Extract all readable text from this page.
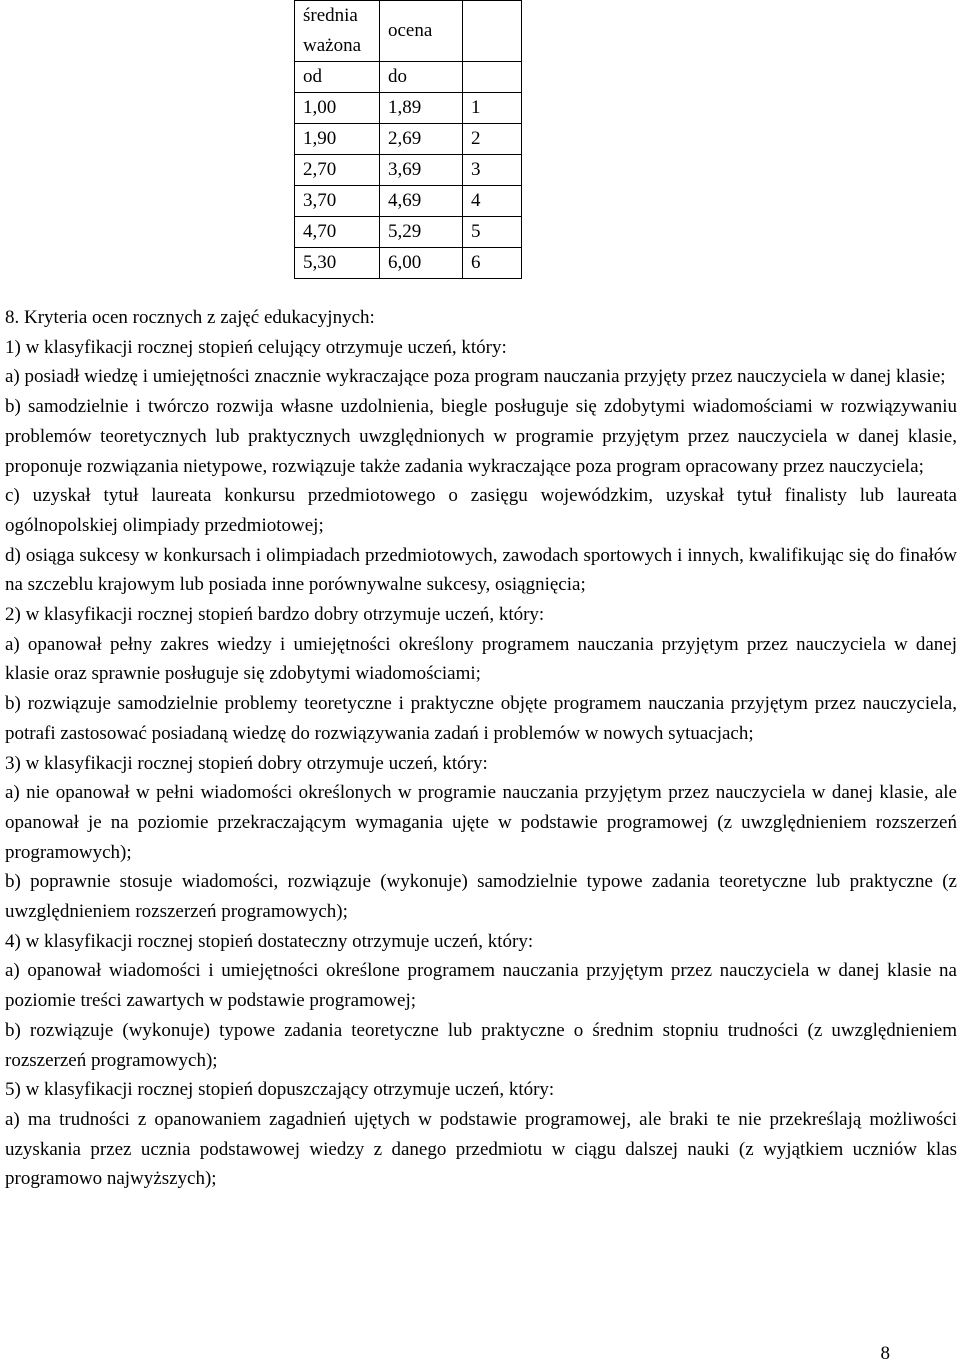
średnia
ważona	ocena	
od	do	
1,00	1,89	1
1,90	2,69	2
2,70	3,69	3
3,70	4,69	4
4,70	5,29	5
5,30	6,00	6

8. Kryteria ocen rocznych z zajęć edukacyjnych:

1) w klasyfikacji rocznej stopień celujący otrzymuje uczeń, który:

a) posiadł wiedzę i umiejętności znacznie wykraczające poza program nauczania przyjęty przez nauczyciela w danej klasie;

b) samodzielnie i twórczo rozwija własne uzdolnienia, biegle posługuje się zdobytymi wiadomościami w rozwiązywaniu problemów teoretycznych lub praktycznych uwzględnionych w programie przyjętym przez nauczyciela w danej klasie, proponuje rozwiązania nietypowe, rozwiązuje także zadania wykraczające poza program opracowany przez nauczyciela;

c) uzyskał tytuł laureata konkursu przedmiotowego o zasięgu wojewódzkim, uzyskał tytuł finalisty lub laureata ogólnopolskiej olimpiady przedmiotowej;

d) osiąga sukcesy w konkursach i olimpiadach przedmiotowych, zawodach sportowych i innych, kwalifikując się do finałów na szczeblu krajowym lub posiada inne porównywalne sukcesy, osiągnięcia;

2) w klasyfikacji rocznej stopień bardzo dobry otrzymuje uczeń, który:

a) opanował pełny zakres wiedzy i umiejętności określony programem nauczania przyjętym przez nauczyciela w danej klasie oraz sprawnie posługuje się zdobytymi wiadomościami;

b) rozwiązuje samodzielnie problemy teoretyczne i praktyczne objęte programem nauczania przyjętym przez nauczyciela, potrafi zastosować posiadaną wiedzę do rozwiązywania zadań i problemów w nowych sytuacjach;

3) w klasyfikacji rocznej stopień dobry otrzymuje uczeń, który:

a) nie opanował w pełni wiadomości określonych w programie nauczania przyjętym przez nauczyciela w danej klasie, ale opanował je na poziomie przekraczającym wymagania ujęte w podstawie programowej (z uwzględnieniem rozszerzeń programowych);

b) poprawnie stosuje wiadomości, rozwiązuje (wykonuje) samodzielnie typowe zadania teoretyczne lub praktyczne (z uwzględnieniem rozszerzeń programowych);

4) w klasyfikacji rocznej stopień dostateczny otrzymuje uczeń, który:

a) opanował wiadomości i umiejętności określone programem nauczania przyjętym przez nauczyciela w danej klasie na poziomie treści zawartych w podstawie programowej;

b) rozwiązuje (wykonuje) typowe zadania teoretyczne lub praktyczne o średnim stopniu trudności (z uwzględnieniem rozszerzeń programowych);

5) w klasyfikacji rocznej stopień dopuszczający otrzymuje uczeń, który:

a) ma trudności z opanowaniem zagadnień ujętych w podstawie programowej, ale braki te nie przekreślają możliwości uzyskania przez ucznia podstawowej wiedzy z danego przedmiotu w ciągu dalszej nauki (z wyjątkiem uczniów klas programowo najwyższych);

8
